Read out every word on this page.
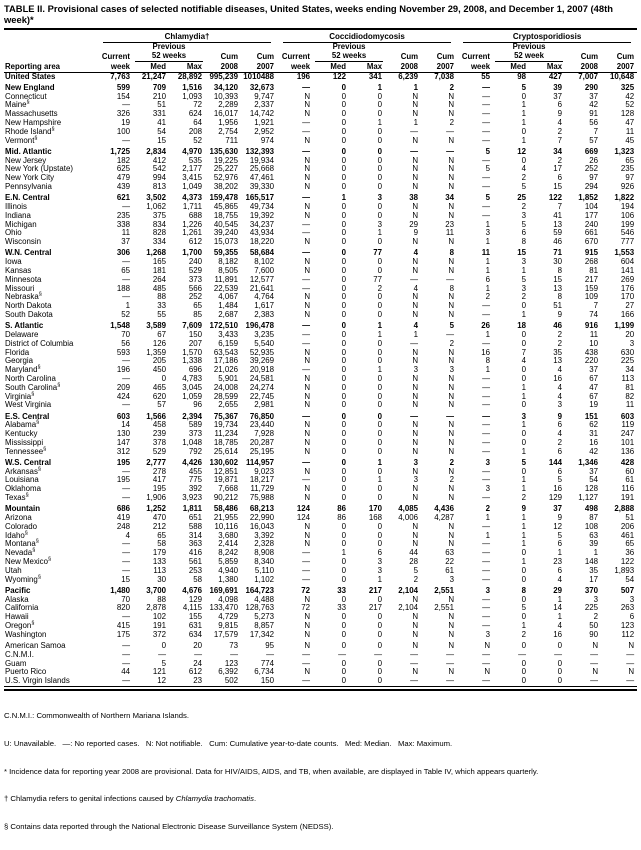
TABLE II. Provisional cases of selected notifiable diseases, United States, weeks ending November 29, 2008, and December 1, 2007 (48th week)*

	Chlamydia†					Coccidiodomycosis					Cryptosporidiosis				

	Current	
Previous
52 weeks	Cum	Cum	Current	
Previous
52 weeks	Cum	Cum	Current	
Previous
52 week	Cum	Cum
Reporting area	week	Med	Max	2008	2007	week	Med	Max	2008	2007	week	Med	Max	2008	2007
United States	7,763	21,247	28,892	995,239	1010488	196	122	341	6,239	7,038	55	98	427	7,007	10,648

New England	599	709	1,516	34,120	32,673	—	0	1	1	2	—	5	39	290	325
Connecticut	154	210	1,093	10,393	9,747	N	0	0	N	N	—	0	37	37	42
Maine§	—	51	72	2,289	2,337	N	0	0	N	N	—	1	6	42	52
Massachusetts	326	331	624	16,017	14,742	N	0	0	N	N	—	1	9	91	128
New Hampshire	19	41	64	1,956	1,921	—	0	1	1	2	—	1	4	56	47
Rhode Island§	100	54	208	2,754	2,952	—	0	0	—	—	—	0	2	7	11
Vermont§	—	15	52	711	974	N	0	0	N	N	—	1	7	57	45

Mid. Atlantic	1,725	2,834	4,970	135,630	132,393	—	0	0	—	—	5	12	34	669	1,323
New Jersey	182	412	535	19,225	19,934	N	0	0	N	N	—	0	2	26	65
New York (Upstate)	625	542	2,177	25,227	25,668	N	0	0	N	N	5	4	17	252	235
New York City	479	994	3,415	52,976	47,461	N	0	0	N	N	—	2	6	97	97
Pennsylvania	439	813	1,049	38,202	39,330	N	0	0	N	N	—	5	15	294	926

E.N. Central	621	3,502	4,373	159,478	165,517	—	1	3	38	34	5	25	122	1,852	1,822
Illinois	—	1,062	1,711	45,865	49,734	N	0	0	N	N	—	2	7	104	194
Indiana	235	375	688	18,755	19,392	N	0	0	N	N	—	3	41	177	106
Michigan	338	834	1,226	40,545	34,237	—	0	3	29	23	1	5	13	240	199
Ohio	11	828	1,261	39,240	43,934	—	0	1	9	11	3	6	59	661	546
Wisconsin	37	334	612	15,073	18,220	N	0	0	N	N	1	8	46	670	777

W.N. Central	306	1,268	1,700	59,355	58,684	—	0	77	4	8	11	15	71	915	1,553
Iowa	—	165	240	8,182	8,102	N	0	0	N	N	1	3	30	268	604
Kansas	65	181	529	8,505	7,600	N	0	0	N	N	1	1	8	81	141
Minnesota	—	264	373	11,891	12,577	—	0	77	—	—	6	5	15	217	269
Missouri	188	485	566	22,539	21,641	—	0	2	4	8	1	3	13	159	176
Nebraska§	—	88	252	4,067	4,764	N	0	0	N	N	2	2	8	109	170
North Dakota	1	33	65	1,484	1,617	N	0	0	N	N	—	0	51	7	27
South Dakota	52	55	85	2,687	2,383	N	0	0	N	N	—	1	9	74	166

S. Atlantic	1,548	3,589	7,609	172,510	196,478	—	0	1	4	5	26	18	46	916	1,199
Delaware	70	67	150	3,433	3,235	—	0	1	1	—	1	0	2	11	20
District of Columbia	56	126	207	6,159	5,540	—	0	0	—	2	—	0	2	10	3
Florida	593	1,359	1,570	63,543	52,935	N	0	0	N	N	16	7	35	438	630
Georgia	—	205	1,338	17,186	39,269	N	0	0	N	N	8	4	13	220	225
Maryland§	196	450	696	21,026	20,918	—	0	1	3	3	1	0	4	37	34
North Carolina	—	0	4,783	5,901	24,581	N	0	0	N	N	—	0	16	67	113
South Carolina§	209	465	3,045	24,008	24,274	N	0	0	N	N	—	1	4	47	81
Virginia§	424	620	1,059	28,599	22,745	N	0	0	N	N	—	1	4	67	82
West Virginia	—	57	96	2,655	2,981	N	0	0	N	N	—	0	3	19	11

E.S. Central	603	1,566	2,394	75,367	76,850	—	0	0	—	—	—	3	9	151	603
Alabama§	14	458	589	19,734	23,440	N	0	0	N	N	—	1	6	62	119
Kentucky	130	239	373	11,234	7,928	N	0	0	N	N	—	0	4	31	247
Mississippi	147	378	1,048	18,785	20,287	N	0	0	N	N	—	0	2	16	101
Tennessee§	312	529	792	25,614	25,195	N	0	0	N	N	—	1	6	42	136

W.S. Central	195	2,777	4,426	130,602	114,957	—	0	1	3	2	3	5	144	1,346	428
Arkansas§	—	278	455	12,851	9,023	N	0	0	N	N	—	0	6	37	60
Louisiana	195	417	775	19,871	18,217	—	0	1	3	2	—	1	5	54	61
Oklahoma	—	195	392	7,668	11,729	N	0	0	N	N	3	1	16	128	116
Texas§	—	1,906	3,923	90,212	75,988	N	0	0	N	N	—	2	129	1,127	191

Mountain	686	1,252	1,811	58,486	68,213	124	86	170	4,085	4,436	2	9	37	498	2,888
Arizona	419	470	651	21,955	22,990	124	86	168	4,006	4,287	1	1	9	87	51
Colorado	248	212	588	10,116	16,043	N	0	0	N	N	—	1	12	108	206
Idaho§	4	65	314	3,680	3,392	N	0	0	N	N	1	1	5	63	461
Montana§	—	58	363	2,414	2,328	N	0	0	N	N	—	1	6	39	65
Nevada§	—	179	416	8,242	8,908	—	1	6	44	63	—	0	1	1	36
New Mexico§	—	133	561	5,859	8,340	—	0	3	28	22	—	1	23	148	122
Utah	—	113	253	4,940	5,110	—	0	3	5	61	—	0	6	35	1,893
Wyoming§	15	30	58	1,380	1,102	—	0	1	2	3	—	0	4	17	54

Pacific	1,480	3,700	4,676	169,691	164,723	72	33	217	2,104	2,551	3	8	29	370	507
Alaska	70	88	129	4,098	4,488	N	0	0	N	N	—	0	1	3	3
California	820	2,878	4,115	133,470	128,763	72	33	217	2,104	2,551	—	5	14	225	263
Hawaii	—	102	155	4,729	5,273	N	0	0	N	N	—	0	1	2	6
Oregon§	415	191	631	9,815	8,857	N	0	0	N	N	—	1	4	50	123
Washington	175	372	634	17,579	17,342	N	0	0	N	N	3	2	16	90	112

American Samoa	—	0	20	73	95	N	0	0	N	N	N	0	0	N	N
C.N.M.I.	—	—	—	—	—	—	—	—	—	—	—	—	—	—	—
Guam	—	5	24	123	774	—	0	0	—	—	—	0	0	—	—
Puerto Rico	44	121	612	6,392	6,734	N	0	0	N	N	N	0	0	N	N
U.S. Virgin Islands	—	12	23	502	150	—	0	0	—	—	—	0	0	—	—

C.N.M.I.: Commonwealth of Northern Mariana Islands.

U: Unavailable.   —: No reported cases.   N: Not notifiable.   Cum: Cumulative year-to-date counts.   Med: Median.   Max: Maximum.

* Incidence data for reporting year 2008 are provisional. Data for HIV/AIDS, AIDS, and TB, when available, are displayed in Table IV, which appears quarterly.

† Chlamydia refers to genital infections caused by Chlamydia trachomatis.

§ Contains data reported through the National Electronic Disease Surveillance System (NEDSS).
